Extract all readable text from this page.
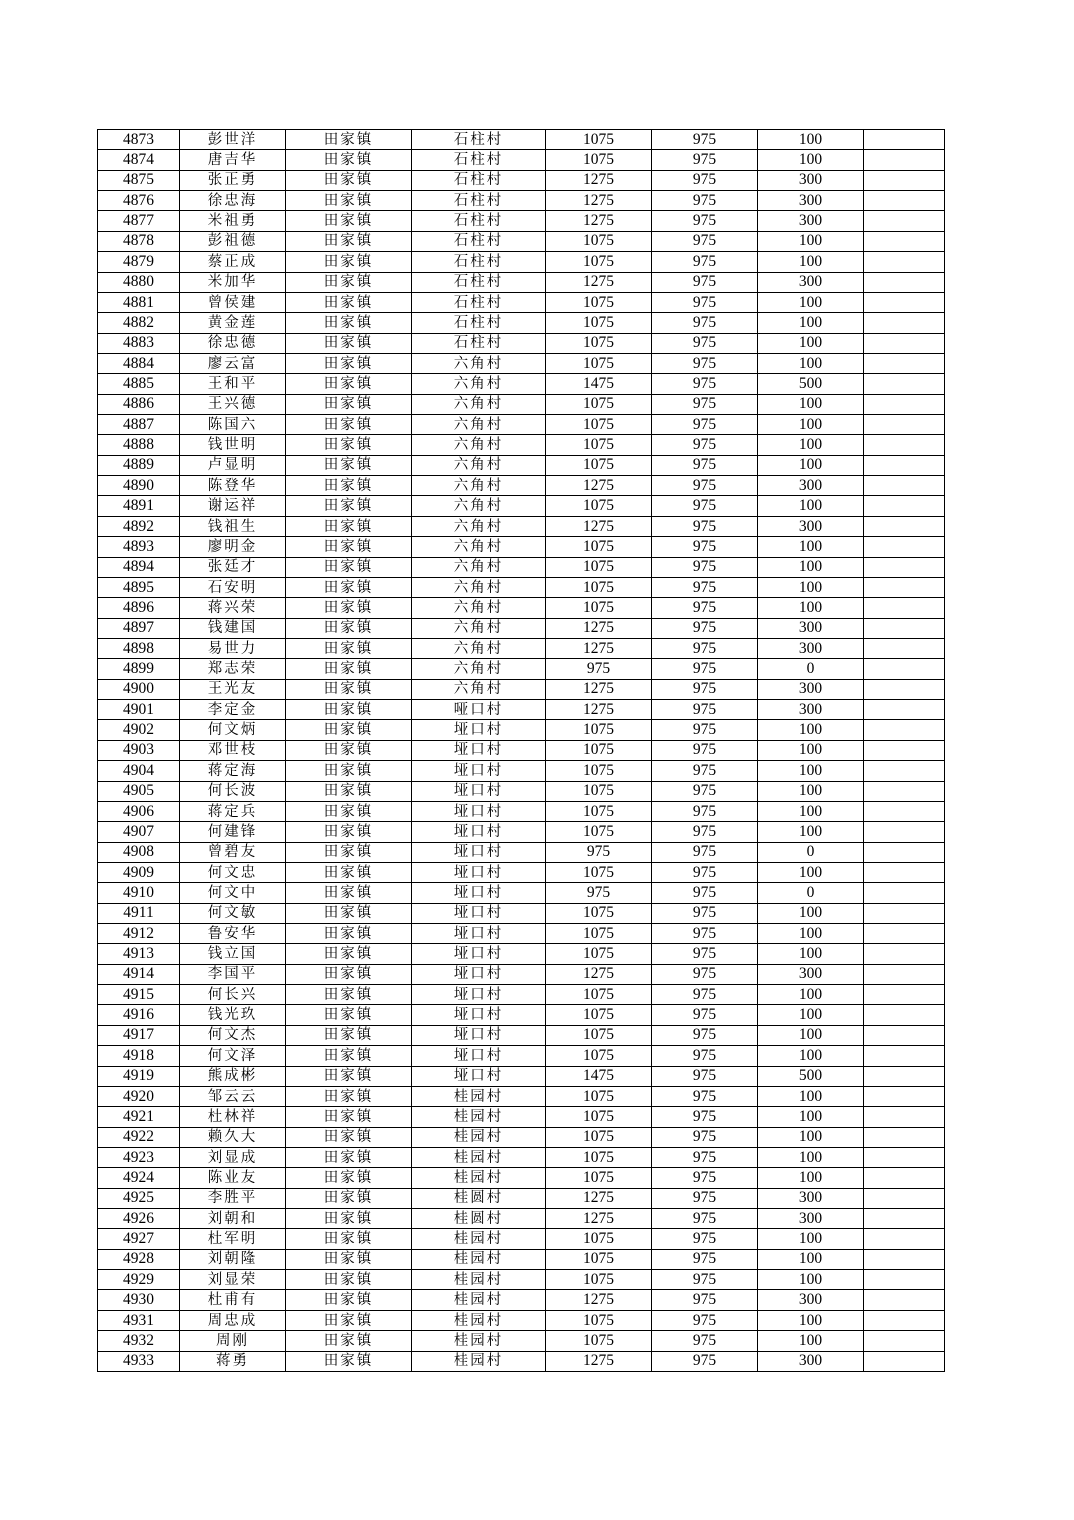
4873	彭世洋	田家镇	石柱村	1075	975	100	
4874	唐吉华	田家镇	石柱村	1075	975	100	
4875	张正勇	田家镇	石柱村	1275	975	300	
4876	徐忠海	田家镇	石柱村	1275	975	300	
4877	米祖勇	田家镇	石柱村	1275	975	300	
4878	彭祖德	田家镇	石柱村	1075	975	100	
4879	蔡正成	田家镇	石柱村	1075	975	100	
4880	米加华	田家镇	石柱村	1275	975	300	
4881	曾侯建	田家镇	石柱村	1075	975	100	
4882	黄金莲	田家镇	石柱村	1075	975	100	
4883	徐忠德	田家镇	石柱村	1075	975	100	
4884	廖云富	田家镇	六角村	1075	975	100	
4885	王和平	田家镇	六角村	1475	975	500	
4886	王兴德	田家镇	六角村	1075	975	100	
4887	陈国六	田家镇	六角村	1075	975	100	
4888	钱世明	田家镇	六角村	1075	975	100	
4889	卢显明	田家镇	六角村	1075	975	100	
4890	陈登华	田家镇	六角村	1275	975	300	
4891	谢运祥	田家镇	六角村	1075	975	100	
4892	钱祖生	田家镇	六角村	1275	975	300	
4893	廖明金	田家镇	六角村	1075	975	100	
4894	张廷才	田家镇	六角村	1075	975	100	
4895	石安明	田家镇	六角村	1075	975	100	
4896	蒋兴荣	田家镇	六角村	1075	975	100	
4897	钱建国	田家镇	六角村	1275	975	300	
4898	易世力	田家镇	六角村	1275	975	300	
4899	郑志荣	田家镇	六角村	975	975	0	
4900	王光友	田家镇	六角村	1275	975	300	
4901	李定金	田家镇	哑口村	1275	975	300	
4902	何文炳	田家镇	垭口村	1075	975	100	
4903	邓世枝	田家镇	垭口村	1075	975	100	
4904	蒋定海	田家镇	垭口村	1075	975	100	
4905	何长波	田家镇	垭口村	1075	975	100	
4906	蒋定兵	田家镇	垭口村	1075	975	100	
4907	何建锋	田家镇	垭口村	1075	975	100	
4908	曾碧友	田家镇	垭口村	975	975	0	
4909	何文忠	田家镇	垭口村	1075	975	100	
4910	何文中	田家镇	垭口村	975	975	0	
4911	何文敏	田家镇	垭口村	1075	975	100	
4912	鲁安华	田家镇	垭口村	1075	975	100	
4913	钱立国	田家镇	垭口村	1075	975	100	
4914	李国平	田家镇	垭口村	1275	975	300	
4915	何长兴	田家镇	垭口村	1075	975	100	
4916	钱光玖	田家镇	垭口村	1075	975	100	
4917	何文杰	田家镇	垭口村	1075	975	100	
4918	何文泽	田家镇	垭口村	1075	975	100	
4919	熊成彬	田家镇	垭口村	1475	975	500	
4920	邹云云	田家镇	桂园村	1075	975	100	
4921	杜林祥	田家镇	桂园村	1075	975	100	
4922	赖久大	田家镇	桂园村	1075	975	100	
4923	刘显成	田家镇	桂园村	1075	975	100	
4924	陈业友	田家镇	桂园村	1075	975	100	
4925	李胜平	田家镇	桂圆村	1275	975	300	
4926	刘朝和	田家镇	桂圆村	1275	975	300	
4927	杜军明	田家镇	桂园村	1075	975	100	
4928	刘朝隆	田家镇	桂园村	1075	975	100	
4929	刘显荣	田家镇	桂园村	1075	975	100	
4930	杜甫有	田家镇	桂园村	1275	975	300	
4931	周忠成	田家镇	桂园村	1075	975	100	
4932	周刚	田家镇	桂园村	1075	975	100	
4933	蒋勇	田家镇	桂园村	1275	975	300	
